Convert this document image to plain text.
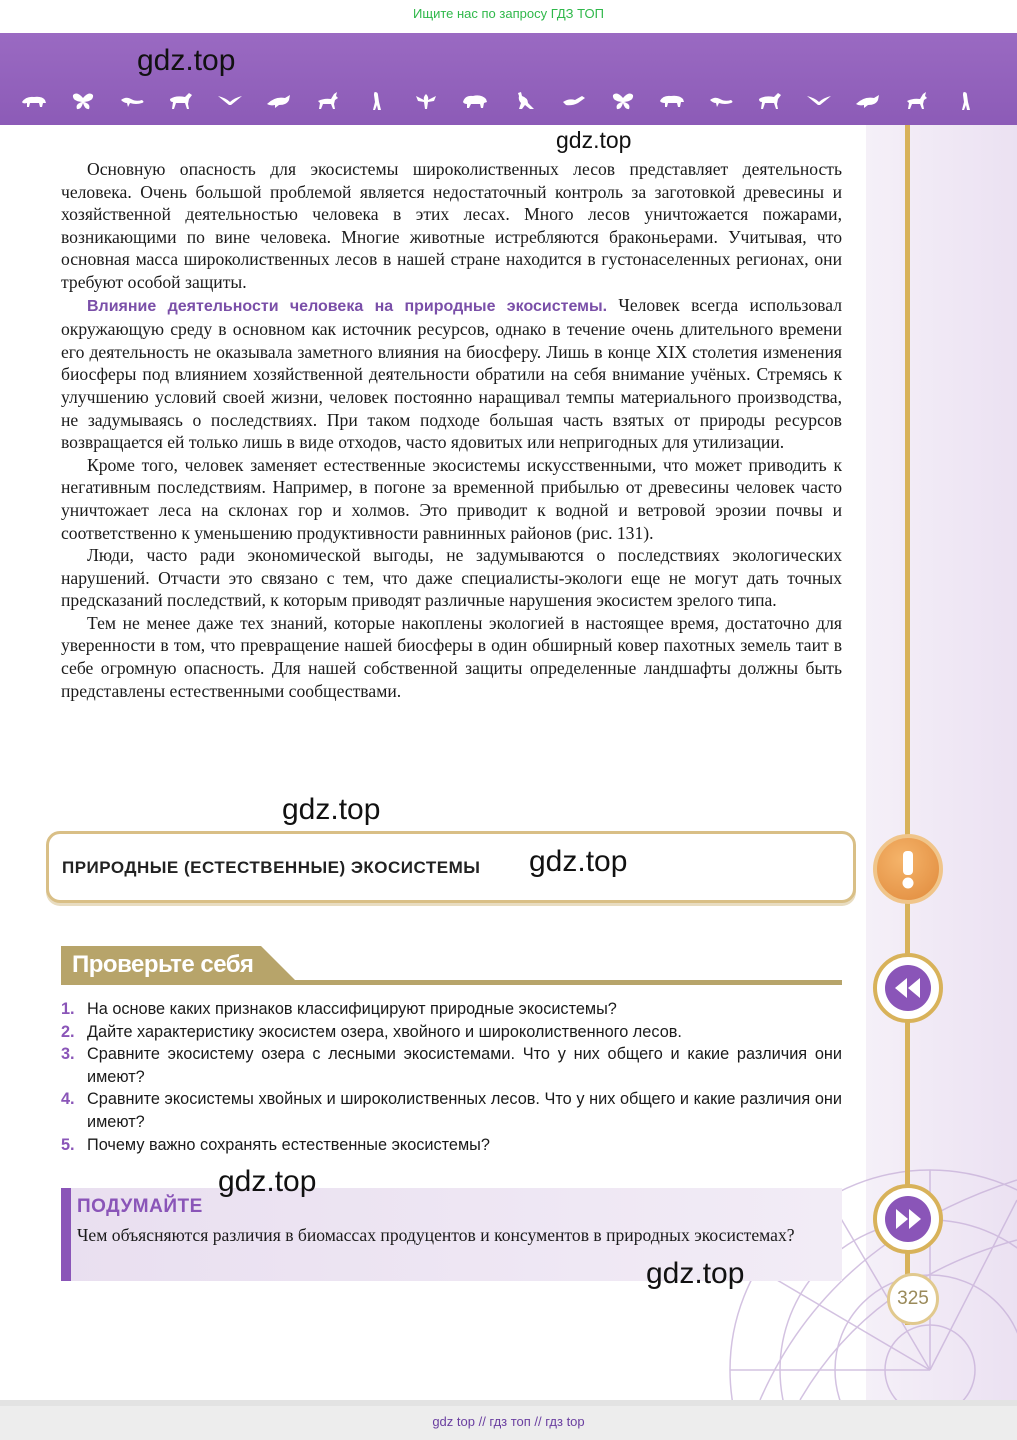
Ищите нас по запросу ГДЗ ТОП
gdz.top
gdz.top

Основную опасность для экосистемы широколиственных лесов представляет деятельность человека. Очень большой проблемой является недостаточный контроль за заготовкой древесины и хозяйственной деятельностью человека в этих лесах. Много лесов уничтожается пожарами, возникающими по вине человека. Многие животные истребляются браконьерами. Учитывая, что основная масса широколиственных лесов в нашей стране находится в густонаселенных регионах, они требуют особой защиты.

Влияние деятельности человека на природные экосистемы. Человек всегда использовал окружающую среду в основном как источник ресурсов, однако в течение очень длительного времени его деятельность не оказывала заметного влияния на биосферу. Лишь в конце XIX столетия изменения биосферы под влиянием хозяйственной деятельности обратили на себя внимание учёных. Стремясь к улучшению условий своей жизни, человек постоянно наращивал темпы материального производства, не задумываясь о последствиях. При таком подходе большая часть взятых от природы ресурсов возвращается ей только лишь в виде отходов, часто ядовитых или непригодных для утилизации.

Кроме того, человек заменяет естественные экосистемы искусственными, что может приводить к негативным последствиям. Например, в погоне за временной прибылью от древесины человек часто уничтожает леса на склонах гор и холмов. Это приводит к водной и ветровой эрозии почвы и соответственно к уменьшению продуктивности равнинных районов (рис. 131).

Люди, часто ради экономической выгоды, не задумываются о последствиях экологических нарушений. Отчасти это связано с тем, что даже специалисты-экологи еще не могут дать точных предсказаний последствий, к которым приводят различные нарушения экосистем зрелого типа.

Тем не менее даже тех знаний, которые накоплены экологией в настоящее время, достаточно для уверенности в том, что превращение нашей биосферы в один обширный ковер пахотных земель таит в себе огромную опасность. Для нашей собственной защиты определенные ландшафты должны быть представлены естественными сообществами.

gdz.top
ПРИРОДНЫЕ (ЕСТЕСТВЕННЫЕ) ЭКОСИСТЕМЫ gdz.top
Проверьте себя
1. На основе каких признаков классифицируют природные экосистемы?
2. Дайте характеристику экосистем озера, хвойного и широколиственного лесов.
3. Сравните экосистему озера с лесными экосистемами. Что у них общего и какие различия они имеют?
4. Сравните экосистемы хвойных и широколиственных лесов. Что у них общего и какие различия они имеют?
5. Почему важно сохранять естественные экосистемы?
ПОДУМАЙТЕ
gdz.top
Чем объясняются различия в биомассах продуцентов и консументов в природных экосистемах?
gdz.top
325
gdz top // гдз топ // гдз top
